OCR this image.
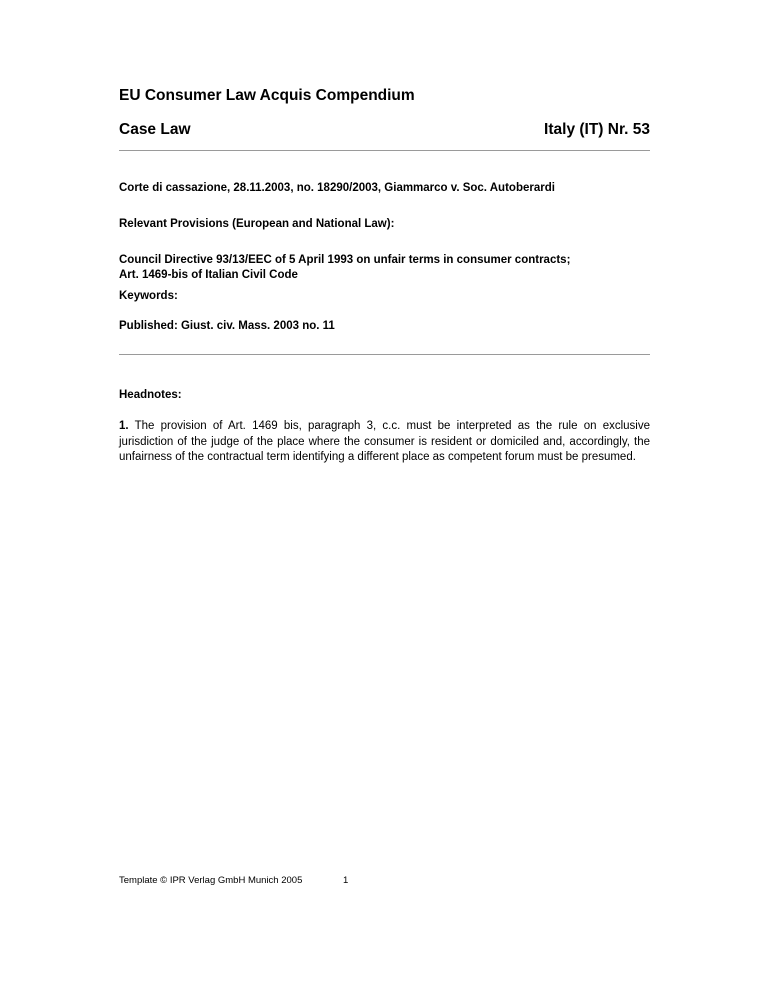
EU Consumer Law Acquis Compendium
Case Law	Italy (IT) Nr. 53
Corte di cassazione, 28.11.2003, no. 18290/2003, Giammarco v. Soc. Autoberardi
Relevant Provisions (European and National Law):
Council Directive 93/13/EEC of 5 April 1993 on unfair terms in consumer contracts;
Art. 1469-bis of Italian Civil Code
Keywords:
Published: Giust. civ. Mass. 2003 no. 11
Headnotes:
1. The provision of Art. 1469 bis, paragraph 3, c.c. must be interpreted as the rule on exclusive jurisdiction of the judge of the place where the consumer is resident or domiciled and, accordingly, the unfairness of the contractual term identifying a different place as competent forum must be presumed.
Template © IPR Verlag GmbH Munich 2005	1
